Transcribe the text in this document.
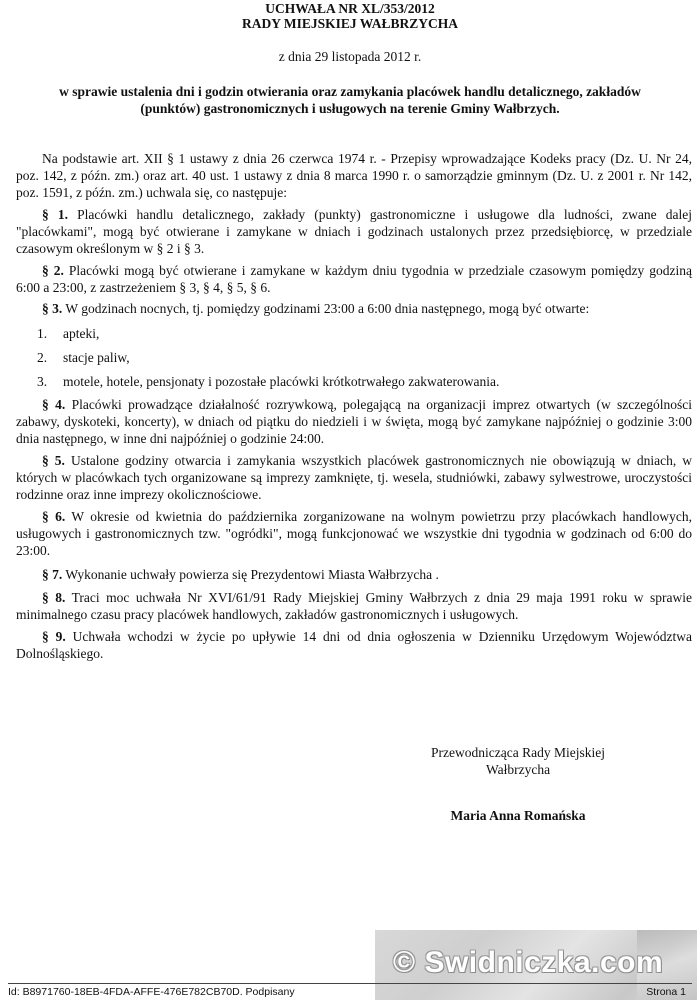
UCHWAŁA NR XL/353/2012
RADY MIEJSKIEJ WAŁBRZYCHA
z dnia 29 listopada 2012 r.
w sprawie ustalenia dni i godzin otwierania oraz zamykania placówek handlu detalicznego, zakładów (punktów) gastronomicznych i usługowych na terenie Gminy Wałbrzych.
Na podstawie art. XII § 1 ustawy z dnia 26 czerwca 1974 r. - Przepisy wprowadzające Kodeks pracy (Dz. U. Nr 24, poz. 142, z późn. zm.) oraz art. 40 ust. 1 ustawy z dnia 8 marca 1990 r. o samorządzie gminnym (Dz. U. z 2001 r. Nr 142, poz. 1591, z późn. zm.) uchwala się, co następuje:
§ 1. Placówki handlu detalicznego, zakłady (punkty) gastronomiczne i usługowe dla ludności, zwane dalej "placówkami", mogą być otwierane i zamykane w dniach i godzinach ustalonych przez przedsiębiorcę, w przedziale czasowym określonym w § 2 i § 3.
§ 2. Placówki mogą być otwierane i zamykane w każdym dniu tygodnia w przedziale czasowym pomiędzy godziną 6:00 a 23:00, z zastrzeżeniem § 3, § 4, § 5, § 6.
§ 3. W godzinach nocnych, tj. pomiędzy godzinami 23:00 a 6:00 dnia następnego, mogą być otwarte:
1. apteki,
2. stacje paliw,
3. motele, hotele, pensjonaty i pozostałe placówki krótkotrwałego zakwaterowania.
§ 4. Placówki prowadzące działalność rozrywkową, polegającą na organizacji imprez otwartych (w szczególności zabawy, dyskoteki, koncerty), w dniach od piątku do niedzieli i w święta, mogą być zamykane najpóźniej o godzinie 3:00 dnia następnego, w inne dni najpóźniej o godzinie 24:00.
§ 5. Ustalone godziny otwarcia i zamykania wszystkich placówek gastronomicznych nie obowiązują w dniach, w których w placówkach tych organizowane są imprezy zamknięte, tj. wesela, studniówki, zabawy sylwestrowe, uroczystości rodzinne oraz inne imprezy okolicznościowe.
§ 6. W okresie od kwietnia do października zorganizowane na wolnym powietrzu przy placówkach handlowych, usługowych i gastronomicznych tzw. "ogródki", mogą funkcjonować we wszystkie dni tygodnia w godzinach od 6:00 do 23:00.
§ 7. Wykonanie uchwały powierza się Prezydentowi Miasta Wałbrzycha .
§ 8. Traci moc uchwała Nr XVI/61/91 Rady Miejskiej Gminy Wałbrzych z dnia 29 maja 1991 roku w sprawie minimalnego czasu pracy placówek handlowych, zakładów gastronomicznych i usługowych.
§ 9. Uchwała wchodzi w życie po upływie 14 dni od dnia ogłoszenia w Dzienniku Urzędowym Województwa Dolnośląskiego.
Przewodnicząca Rady Miejskiej
Wałbrzycha
Maria Anna Romańska
© Swidniczka.com
Id: B8971760-18EB-4FDA-AFFE-476E782CB70D. Podpisany	Strona 1
